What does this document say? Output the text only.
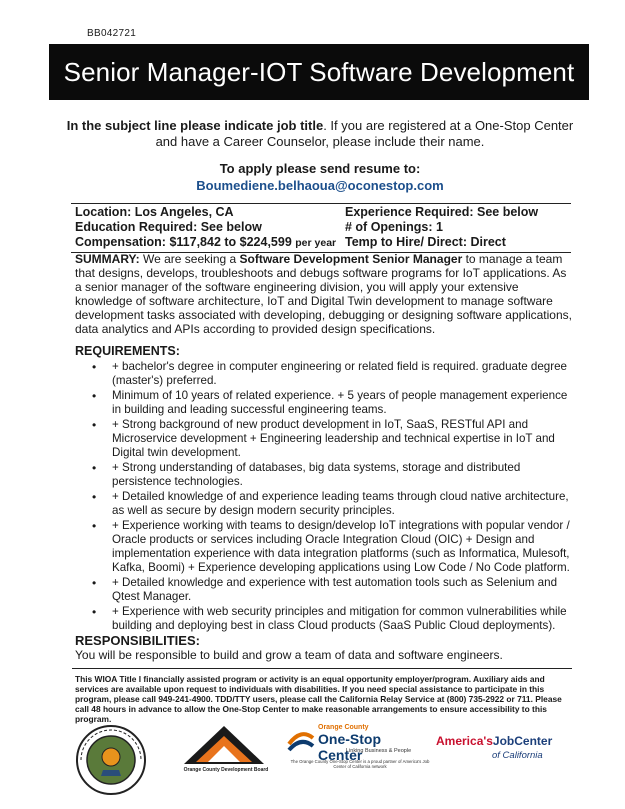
BB042721
Senior Manager-IOT Software Development
In the subject line please indicate job title. If you are registered at a One-Stop Center and have a Career Counselor, please include their name.
To apply please send resume to:
Boumediene.belhaoua@oconestop.com
Location: Los Angeles, CA
Education Required: See below
Compensation: $117,842 to $224,599 per year
Experience Required: See below
# of Openings: 1
Temp to Hire/ Direct: Direct
SUMMARY: We are seeking a Software Development Senior Manager to manage a team that designs, develops, troubleshoots and debugs software programs for IoT applications. As a senior manager of the software engineering division, you will apply your extensive knowledge of software architecture, IoT and Digital Twin development to manage software development tasks associated with developing, debugging or designing software applications, data analytics and APIs according to provided design specifications.
REQUIREMENTS:
• + bachelor's degree in computer engineering or related field is required. graduate degree (master's) preferred.
• Minimum of 10 years of related experience. + 5 years of people management experience in building and leading successful engineering teams.
• + Strong background of new product development in IoT, SaaS, RESTful API and Microservice development + Engineering leadership and technical expertise in IoT and Digital twin development.
• + Strong understanding of databases, big data systems, storage and distributed persistence technologies.
• + Detailed knowledge of and experience leading teams through cloud native architecture, as well as secure by design modern security principles.
• + Experience working with teams to design/develop IoT integrations with popular vendor / Oracle products or services including Oracle Integration Cloud (OIC) + Design and implementation experience with data integration platforms (such as Informatica, Mulesoft, Kafka, Boomi) + Experience developing applications using Low Code / No Code platform.
• + Detailed knowledge and experience with test automation tools such as Selenium and Qtest Manager.
• + Experience with web security principles and mitigation for common vulnerabilities while building and deploying best in class Cloud products (SaaS Public Cloud deployments).
RESPONSIBILITIES:
You will be responsible to build and grow a team of data and software engineers.
This WIOA Title I financially assisted program or activity is an equal opportunity employer/program. Auxiliary aids and services are available upon request to individuals with disabilities. If you need special assistance to participate in this program, please call 949-241-4900. TDD/TTY users, please call the California Relay Service at (800) 735-2922 or 711. Please call 48 hours in advance to allow the One-Stop Center to make reasonable arrangements to ensure accessibility to this program.
Orange County Development Board
Orange County
One-Stop Center
Linking Business & People
The Orange County One-Stop Center is a proud partner of America's Job Center of California network
America'sJobCenter
of California
